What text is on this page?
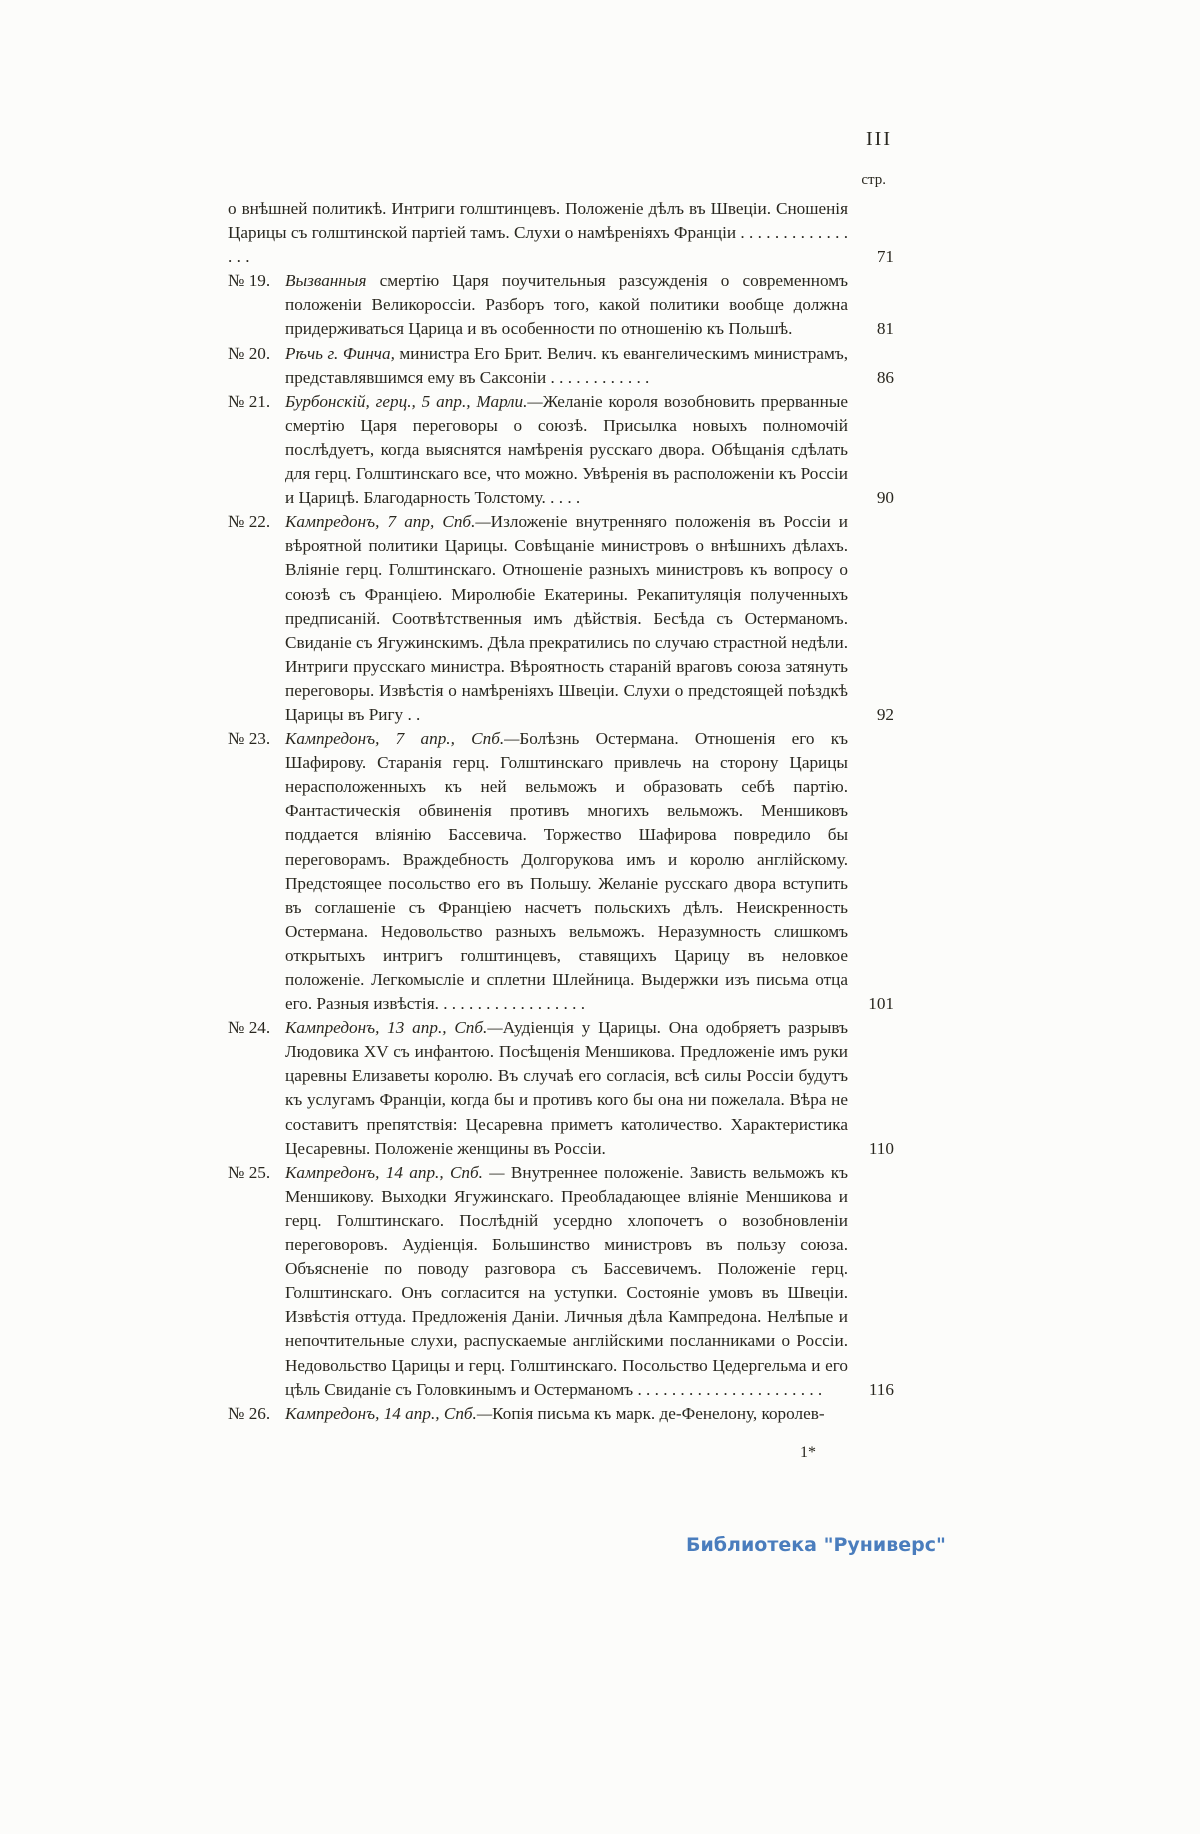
III
стр.
о внѣшней политикѣ. Интриги голштинцевъ. Положеніе дѣлъ въ Швеціи. Сношенія Царицы съ голштинской партіей тамъ. Слухи о намѣреніяхъ Франціи . . . . . . . . . . . . . . . .	71
№ 19. Вызванныя смертію Царя поучительныя разсужденія о современномъ положеніи Великороссіи. Разборъ того, какой политики вообще должна придерживаться Царица и въ особенности по отношенію къ Польшѣ.	81
№ 20. Рѣчь г. Финча, министра Его Брит. Велич. къ евангелическимъ министрамъ, представлявшимся ему въ Саксоніи . . . . . . . . . . . .	86
№ 21. Бурбонскій, герц., 5 апр., Марли.—Желаніе короля возобновить прерванные смертію Царя переговоры о союзѣ. Присылка новыхъ полномочій послѣдуетъ, когда выяснятся намѣренія русскаго двора. Обѣщанія сдѣлать для герц. Голштинскаго все, что можно. Увѣренія въ расположеніи къ Россіи и Царицѣ. Благодарность Толстому. . . . .	90
№ 22. Кампредонъ, 7 апр, Спб.—Изложеніе внутренняго положенія въ Россіи и вѣроятной политики Царицы. Совѣщаніе министровъ о внѣшнихъ дѣлахъ. Вліяніе герц. Голштинскаго. Отношеніе разныхъ министровъ къ вопросу о союзѣ съ Франціею. Миролюбіе Екатерины. Рекапитуляція полученныхъ предписаній. Соотвѣтственныя имъ дѣйствія. Бесѣда съ Остерманомъ. Свиданіе съ Ягужинскимъ. Дѣла прекратились по случаю страстной недѣли. Интриги прусскаго министра. Вѣроятность стараній враговъ союза затянуть переговоры. Извѣстія о намѣреніяхъ Швеціи. Слухи о предстоящей поѣздкѣ Царицы въ Ригу . .	92
№ 23. Кампредонъ, 7 апр., Спб.—Болѣзнь Остермана. Отношенія его къ Шафирову. Старанія герц. Голштинскаго привлечь на сторону Царицы нерасположенныхъ къ ней вельможъ и образовать себѣ партію. Фантастическія обвиненія противъ многихъ вельможъ. Меншиковъ поддается вліянію Бассевича. Торжество Шафирова повредило бы переговорамъ. Враждебность Долгорукова имъ и королю англійскому. Предстоящее посольство его въ Польшу. Желаніе русскаго двора вступить въ соглашеніе съ Франціею насчетъ польскихъ дѣлъ. Неискренность Остермана. Недовольство разныхъ вельможъ. Неразумность слишкомъ открытыхъ интригъ голштинцевъ, ставящихъ Царицу въ неловкое положеніе. Легкомысліе и сплетни Шлейница. Выдержки изъ письма отца его. Разныя извѣстія. . . . . . . . . . . . . . . . . .	101
№ 24. Кампредонъ, 13 апр., Спб.—Аудіенція у Царицы. Она одобряетъ разрывъ Людовика XV съ инфантою. Посѣщенія Меншикова. Предложеніе имъ руки царевны Елизаветы королю. Въ случаѣ его согласія, всѣ силы Россіи будутъ къ услугамъ Франціи, когда бы и противъ кого бы она ни пожелала. Вѣра не составитъ препятствія: Цесаревна приметъ католичество. Характеристика Цесаревны. Положеніе женщины въ Россіи.	110
№ 25. Кампредонъ, 14 апр., Спб. — Внутреннее положеніе. Зависть вельможъ къ Меншикову. Выходки Ягужинскаго. Преобладающее вліяніе Меншикова и герц. Голштинскаго. Послѣдній усердно хлопочетъ о возобновленіи переговоровъ. Аудіенція. Большинство министровъ въ пользу союза. Объясненіе по поводу разговора съ Бассевичемъ. Положеніе герц. Голштинскаго. Онъ согласится на уступки. Состояніе умовъ въ Швеціи. Извѣстія оттуда. Предложенія Даніи. Личныя дѣла Кампредона. Нелѣпые и непочтительные слухи, распускаемые англійскими посланниками о Россіи. Недовольство Царицы и герц. Голштинскаго. Посольство Цедергельма и его цѣль Свиданіе съ Головкинымъ и Остерманомъ . . . . . . . . . . . . . . . . . . . . . .	116
№ 26. Кампредонъ, 14 апр., Спб.—Копія письма къ марк. де-Фенелону, королев-
1*
Библиотека "Руниверс"
